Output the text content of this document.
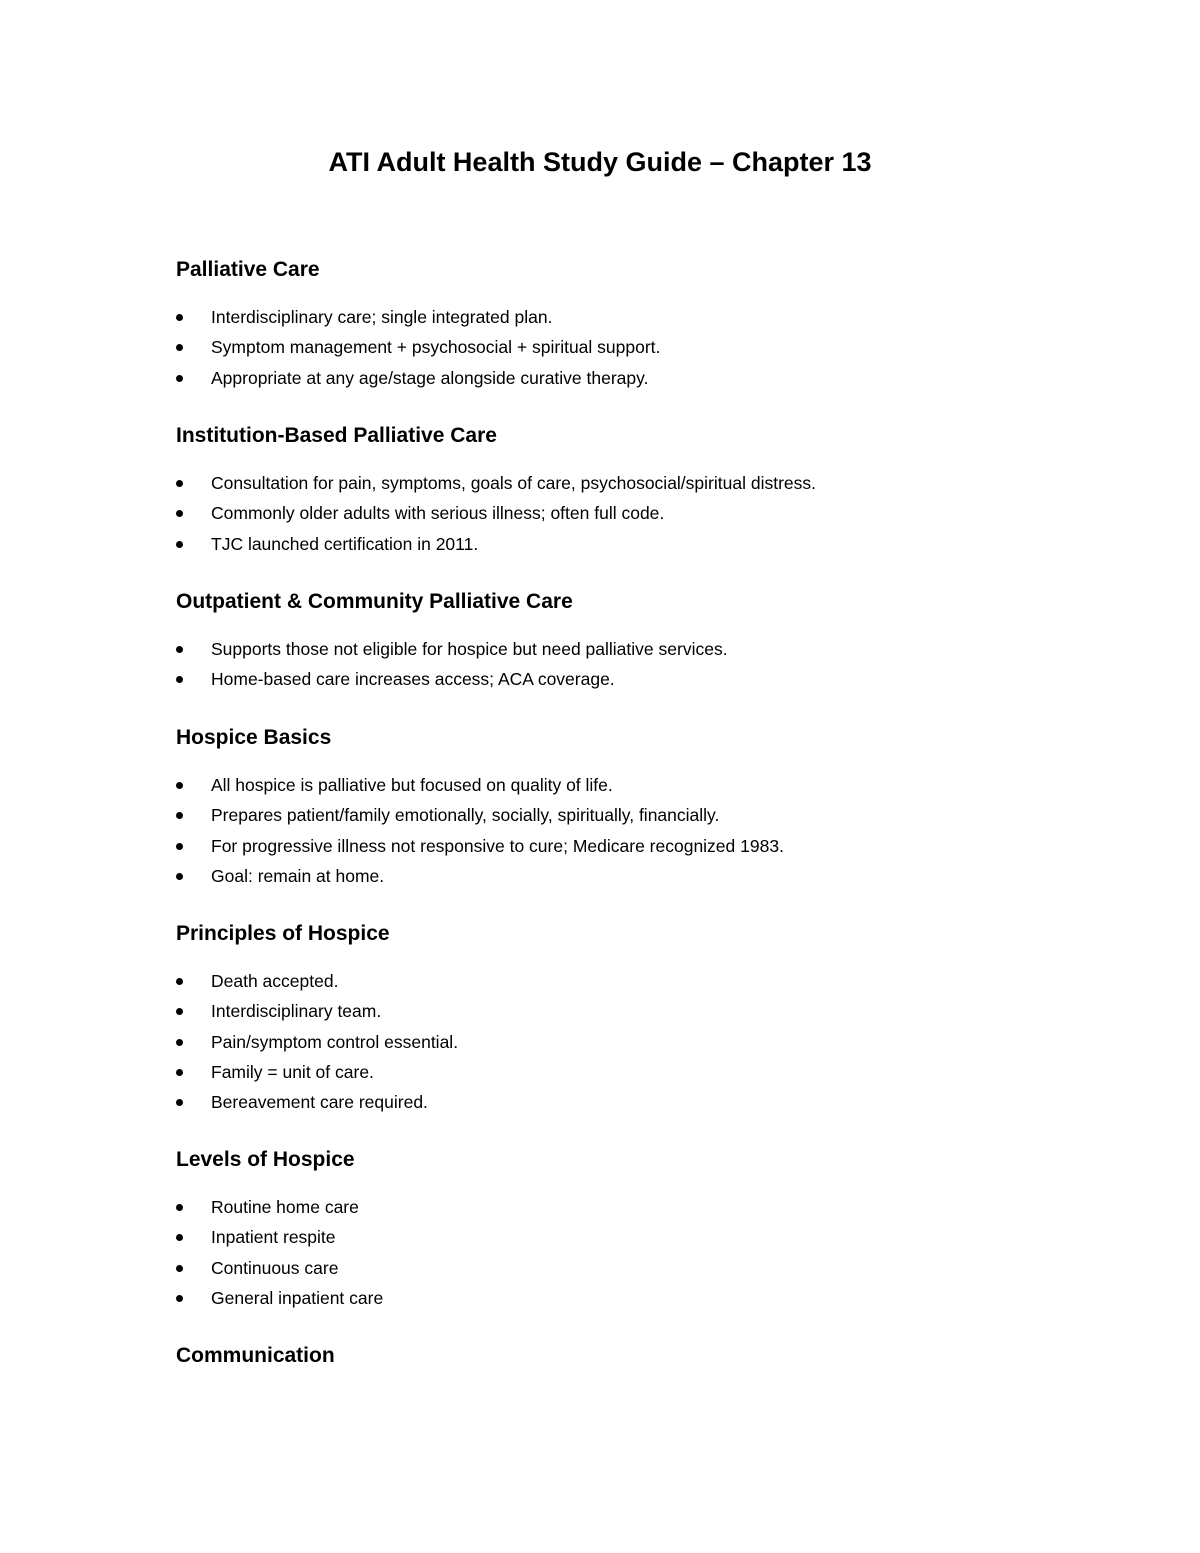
ATI Adult Health Study Guide – Chapter 13
Palliative Care
Interdisciplinary care; single integrated plan.
Symptom management + psychosocial + spiritual support.
Appropriate at any age/stage alongside curative therapy.
Institution-Based Palliative Care
Consultation for pain, symptoms, goals of care, psychosocial/spiritual distress.
Commonly older adults with serious illness; often full code.
TJC launched certification in 2011.
Outpatient & Community Palliative Care
Supports those not eligible for hospice but need palliative services.
Home-based care increases access; ACA coverage.
Hospice Basics
All hospice is palliative but focused on quality of life.
Prepares patient/family emotionally, socially, spiritually, financially.
For progressive illness not responsive to cure; Medicare recognized 1983.
Goal: remain at home.
Principles of Hospice
Death accepted.
Interdisciplinary team.
Pain/symptom control essential.
Family = unit of care.
Bereavement care required.
Levels of Hospice
Routine home care
Inpatient respite
Continuous care
General inpatient care
Communication
